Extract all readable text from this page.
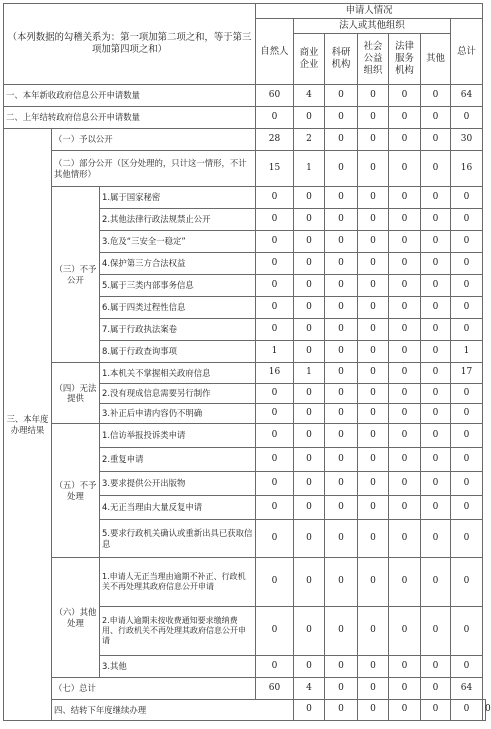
（本列数据的勾稽关系为：第一项加第二项之和，等于第三项加第四项之和）			申请人情况							
			自然人	法人或其他组织					总计	
				商业企业	科研机构	社会公益组织	法律服务机构	其他		
一、本年新收政府信息公开申请数量			60	4	0	0	0	0	64	
二、上年结转政府信息公开申请数量			0	0	0	0	0	0	0	
三、本年度办理结果	（一）予以公开		28	2	0	0	0	0	30	
	（二）部分公开（区分处理的，只计这一情形，不计其他情形）		15	1	0	0	0	0	16	
	（三）不予公开	1.属于国家秘密	0	0	0	0	0	0	0	
		2.其他法律行政法规禁止公开	0	0	0	0	0	0	0	
		3.危及“三安全一稳定”	0	0	0	0	0	0	0	
		4.保护第三方合法权益	0	0	0	0	0	0	0	
		5.属于三类内部事务信息	0	0	0	0	0	0	0	
		6.属于四类过程性信息	0	0	0	0	0	0	0	
		7.属于行政执法案卷	0	0	0	0	0	0	0	
		8.属于行政查询事项	1	0	0	0	0	0	1	
	（四）无法提供	1.本机关不掌握相关政府信息	16	1	0	0	0	0	17	
		2.没有现成信息需要另行制作	0	0	0	0	0	0	0	
		3.补正后申请内容仍不明确	0	0	0	0	0	0	0	
	（五）不予处理	1.信访举报投诉类申请	0	0	0	0	0	0	0	
		2.重复申请	0	0	0	0	0	0	0	
		3.要求提供公开出版物	0	0	0	0	0	0	0	
		4.无正当理由大量反复申请	0	0	0	0	0	0	0	
		5.要求行政机关确认或重新出具已获取信息	0	0	0	0	0	0	0	
	（六）其他处理	1.申请人无正当理由逾期不补正、行政机关不再处理其政府信息公开申请	0	0	0	0	0	0	0	
		2.申请人逾期未按收费通知要求缴纳费用、行政机关不再处理其政府信息公开申请	0	0	0	0	0	0	0	
		3.其他	0	0	0	0	0	0	0	
	（七）总计		60	4	0	0	0	0	64	
	四、结转下年度继续办理			0	0	0	0	0	0	0
